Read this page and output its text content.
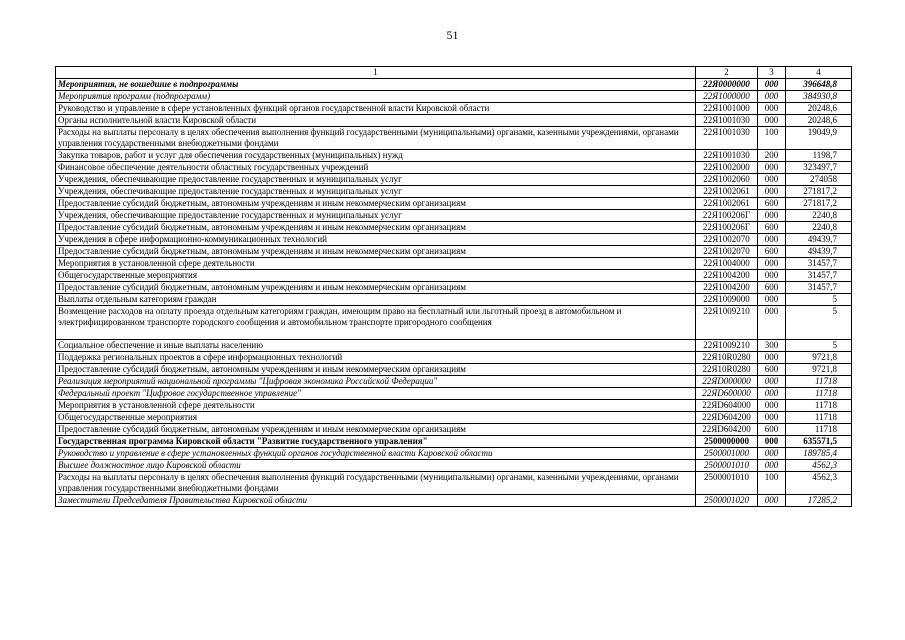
51
1	2	3	4
Мероприятия, не вошедшие в подпрограммы	22Я0000000	000	396648,8
Мероприятия программ (подпрограмм)	22Я1000000	000	384930,8
Руководство и управление в сфере установленных функций органов государственной власти Кировской области	22Я1001000	000	20248,6
Органы исполнительной власти Кировской области	22Я1001030	000	20248,6
Расходы на выплаты персоналу в целях обеспечения выполнения функций государственными (муниципальными) органами, казенными учреждениями, органами управления государственными внебюджетными фондами	22Я1001030	100	19049,9
Закупка товаров, работ и услуг для обеспечения государственных (муниципальных) нужд	22Я1001030	200	1198,7
Финансовое обеспечение деятельности областных государственных учреждений	22Я1002000	000	323497,7
Учреждения, обеспечивающие предоставление государственных и муниципальных услуг	22Я1002060	000	274058
Учреждения, обеспечивающие предоставление государственных и муниципальных услуг	22Я1002061	000	271817,2
Предоставление субсидий бюджетным, автономным учреждениям и иным некоммерческим организациям	22Я1002061	600	271817,2
Учреждения, обеспечивающие предоставление государственных и муниципальных услуг	22Я100206Г	000	2240,8
Предоставление субсидий бюджетным, автономным учреждениям и иным некоммерческим организациям	22Я100206Г	600	2240,8
Учреждения в сфере информационно-коммуникационных технологий	22Я1002070	000	49439,7
Предоставление субсидий бюджетным, автономным учреждениям и иным некоммерческим организациям	22Я1002070	600	49439,7
Мероприятия в установленной сфере деятельности	22Я1004000	000	31457,7
Общегосударственные мероприятия	22Я1004200	000	31457,7
Предоставление субсидий бюджетным, автономным учреждениям и иным некоммерческим организациям	22Я1004200	600	31457,7
Выплаты отдельным категориям граждан	22Я1009000	000	5
Возмещение расходов на оплату проезда отдельным категориям граждан, имеющим право на бесплатный или льготный проезд в автомобильном и электрифицированном транспорте городского сообщения и автомобильном транспорте пригородного сообщения	22Я1009210	000	5
Социальное обеспечение и иные выплаты населению	22Я1009210	300	5
Поддержка региональных проектов в сфере информационных технологий	22Я10R0280	000	9721,8
Предоставление субсидий бюджетным, автономным учреждениям и иным некоммерческим организациям	22Я10R0280	600	9721,8
Реализация мероприятий национальной программы "Цифровая экономика Российской Федерации"	22ЯD000000	000	11718
Федеральный проект "Цифровое государственное управление"	22ЯD600000	000	11718
Мероприятия в установленной сфере деятельности	22ЯD604000	000	11718
Общегосударственные мероприятия	22ЯD604200	000	11718
Предоставление субсидий бюджетным, автономным учреждениям и иным некоммерческим организациям	22ЯD604200	600	11718
Государственная программа Кировской области "Развитие государственного управления"	2500000000	000	635571,5
Руководство и управление в сфере установленных функций органов государственной власти Кировской области	2500001000	000	189785,4
Высшее должностное лицо Кировской области	2500001010	000	4562,3
Расходы на выплаты персоналу в целях обеспечения выполнения функций государственными (муниципальными) органами, казенными учреждениями, органами управления государственными внебюджетными фондами	2500001010	100	4562,3
Заместители Председателя Правительства Кировской области	2500001020	000	17285,2
